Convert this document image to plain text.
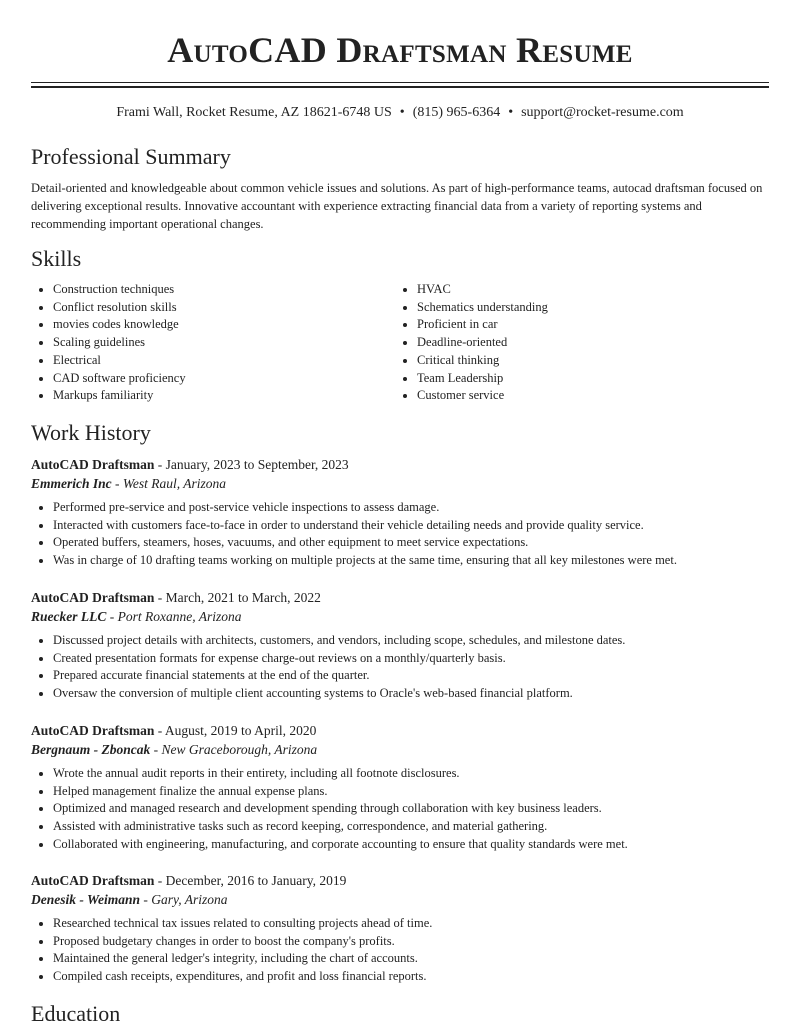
AutoCAD Draftsman Resume
Frami Wall, Rocket Resume, AZ 18621-6748 US • (815) 965-6364 • support@rocket-resume.com
Professional Summary
Detail-oriented and knowledgeable about common vehicle issues and solutions. As part of high-performance teams, autocad draftsman focused on delivering exceptional results. Innovative accountant with experience extracting financial data from a variety of reporting systems and recommending important operational changes.
Skills
• Construction techniques
• Conflict resolution skills
• movies codes knowledge
• Scaling guidelines
• Electrical
• CAD software proficiency
• Markups familiarity
• HVAC
• Schematics understanding
• Proficient in car
• Deadline-oriented
• Critical thinking
• Team Leadership
• Customer service
Work History
AutoCAD Draftsman - January, 2023 to September, 2023
Emmerich Inc - West Raul, Arizona
• Performed pre-service and post-service vehicle inspections to assess damage.
• Interacted with customers face-to-face in order to understand their vehicle detailing needs and provide quality service.
• Operated buffers, steamers, hoses, vacuums, and other equipment to meet service expectations.
• Was in charge of 10 drafting teams working on multiple projects at the same time, ensuring that all key milestones were met.
AutoCAD Draftsman - March, 2021 to March, 2022
Ruecker LLC - Port Roxanne, Arizona
• Discussed project details with architects, customers, and vendors, including scope, schedules, and milestone dates.
• Created presentation formats for expense charge-out reviews on a monthly/quarterly basis.
• Prepared accurate financial statements at the end of the quarter.
• Oversaw the conversion of multiple client accounting systems to Oracle's web-based financial platform.
AutoCAD Draftsman - August, 2019 to April, 2020
Bergnaum - Zboncak - New Graceborough, Arizona
• Wrote the annual audit reports in their entirety, including all footnote disclosures.
• Helped management finalize the annual expense plans.
• Optimized and managed research and development spending through collaboration with key business leaders.
• Assisted with administrative tasks such as record keeping, correspondence, and material gathering.
• Collaborated with engineering, manufacturing, and corporate accounting to ensure that quality standards were met.
AutoCAD Draftsman - December, 2016 to January, 2019
Denesik - Weimann - Gary, Arizona
• Researched technical tax issues related to consulting projects ahead of time.
• Proposed budgetary changes in order to boost the company's profits.
• Maintained the general ledger's integrity, including the chart of accounts.
• Compiled cash receipts, expenditures, and profit and loss financial reports.
Education
